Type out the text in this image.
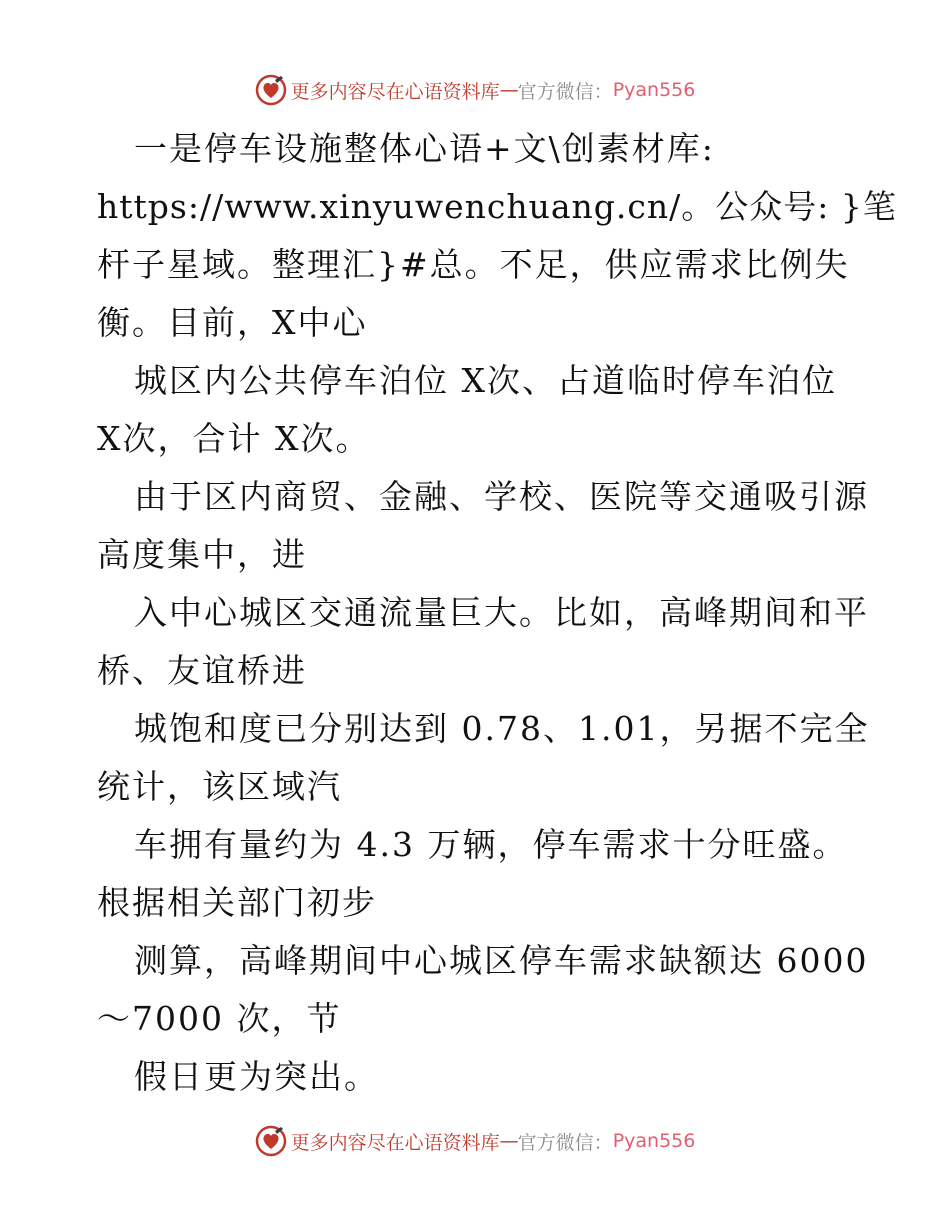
更多内容尽在心语资料库 — 官方微信： Pyan556
一是停车设施整体心语+文\创素材库:
https://www.xinyuwenchuang.cn/。公众号: }笔
杆子星域。整理汇}#总。不足，供应需求比例失
衡。目前，X中心
城区内公共停车泊位 X次、占道临时停车泊位
X次，合计 X次。
由于区内商贸、金融、学校、医院等交通吸引源
高度集中，进
入中心城区交通流量巨大。比如，高峰期间和平
桥、友谊桥进
城饱和度已分别达到 0.78、1.01，另据不完全
统计，该区域汽
车拥有量约为 4.3 万辆，停车需求十分旺盛。
根据相关部门初步
测算，高峰期间中心城区停车需求缺额达 6000
～7000 次，节
假日更为突出。
更多内容尽在心语资料库 — 官方微信： Pyan556
